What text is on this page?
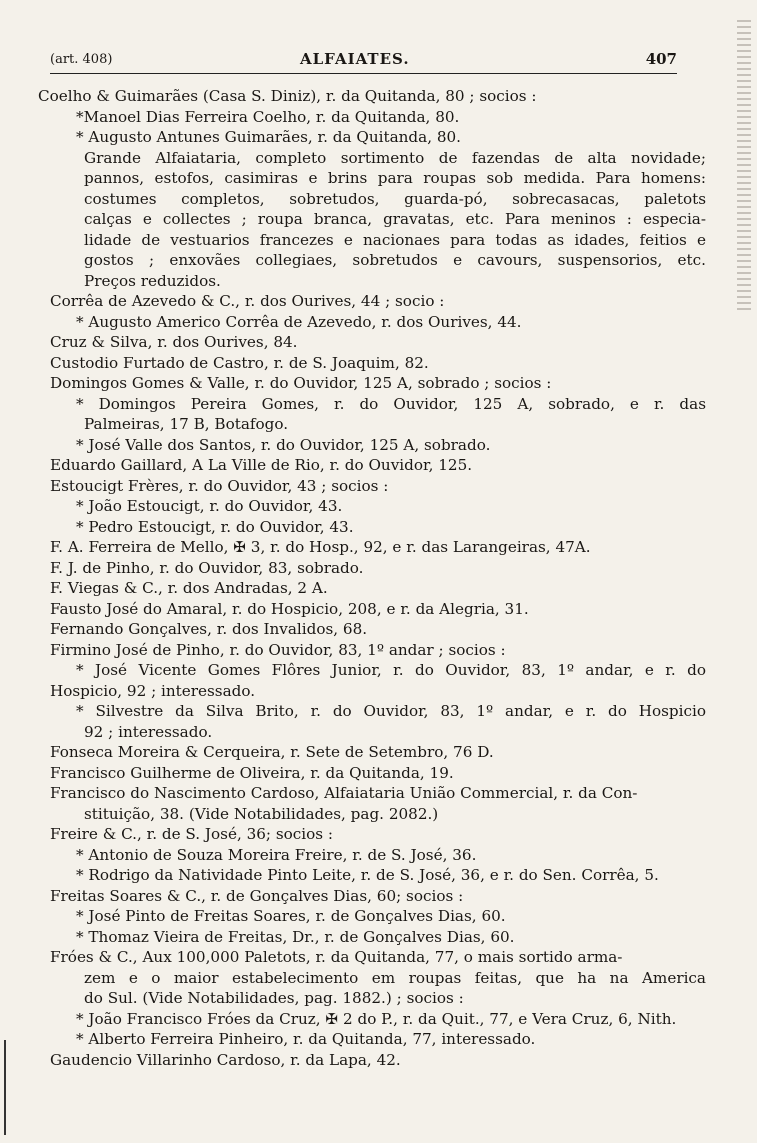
(art. 408)	ALFAIATES.	407
Coelho & Guimarães (Casa S. Diniz), r. da Quitanda, 80 ; socios :
*Manoel Dias Ferreira Coelho, r. da Quitanda, 80.
* Augusto Antunes Guimarães, r. da Quitanda, 80.
Grande Alfaiataria, completo sortimento de fazendas de alta novidade;
pannos, estofos, casimiras e brins para roupas sob medida. Para homens:
costumes completos, sobretudos, guarda-pó, sobrecasacas, paletots
calças e collectes ; roupa branca, gravatas, etc. Para meninos : especia-
lidade de vestuarios francezes e nacionaes para todas as idades, feitios e
gostos ; enxovães collegiaes, sobretudos e cavours, suspensorios, etc.
Preços reduzidos.
Corrêa de Azevedo & C., r. dos Ourives, 44 ; socio :
* Augusto Americo Corrêa de Azevedo, r. dos Ourives, 44.
Cruz & Silva, r. dos Ourives, 84.
Custodio Furtado de Castro, r. de S. Joaquim, 82.
Domingos Gomes & Valle, r. do Ouvidor, 125 A, sobrado ; socios :
* Domingos Pereira Gomes, r. do Ouvidor, 125 A, sobrado, e r. das
Palmeiras, 17 B, Botafogo.
* José Valle dos Santos, r. do Ouvidor, 125 A, sobrado.
Eduardo Gaillard, A La Ville de Rio, r. do Ouvidor, 125.
Estoucigt Frères, r. do Ouvidor, 43 ; socios :
* João Estoucigt, r. do Ouvidor, 43.
* Pedro Estoucigt, r. do Ouvidor, 43.
F. A. Ferreira de Mello, ✠ 3, r. do Hosp., 92, e r. das Larangeiras, 47A.
F. J. de Pinho, r. do Ouvidor, 83, sobrado.
F. Viegas & C., r. dos Andradas, 2 A.
Fausto José do Amaral, r. do Hospicio, 208, e r. da Alegria, 31.
Fernando Gonçalves, r. dos Invalidos, 68.
Firmino José de Pinho, r. do Ouvidor, 83, 1º andar ; socios :
* José Vicente Gomes Flôres Junior, r. do Ouvidor, 83, 1º andar, e r. do
Hospicio, 92 ; interessado.
* Silvestre da Silva Brito, r. do Ouvidor, 83, 1º andar, e r. do Hospicio
92 ; interessado.
Fonseca Moreira & Cerqueira, r. Sete de Setembro, 76 D.
Francisco Guilherme de Oliveira, r. da Quitanda, 19.
Francisco do Nascimento Cardoso, Alfaiataria União Commercial, r. da Con-
stituição, 38. (Vide Notabilidades, pag. 2082.)
Freire & C., r. de S. José, 36; socios :
* Antonio de Souza Moreira Freire, r. de S. José, 36.
* Rodrigo da Natividade Pinto Leite, r. de S. José, 36, e r. do Sen. Corrêa, 5.
Freitas Soares & C., r. de Gonçalves Dias, 60; socios :
* José Pinto de Freitas Soares, r. de Gonçalves Dias, 60.
* Thomaz Vieira de Freitas, Dr., r. de Gonçalves Dias, 60.
Fróes & C., Aux 100,000 Paletots, r. da Quitanda, 77, o mais sortido arma-
zem e o maior estabelecimento em roupas feitas, que ha na America
do Sul. (Vide Notabilidades, pag. 1882.) ; socios :
* João Francisco Fróes da Cruz, ✠ 2 do P., r. da Quit., 77, e Vera Cruz, 6, Nith.
* Alberto Ferreira Pinheiro, r. da Quitanda, 77, interessado.
Gaudencio Villarinho Cardoso, r. da Lapa, 42.
